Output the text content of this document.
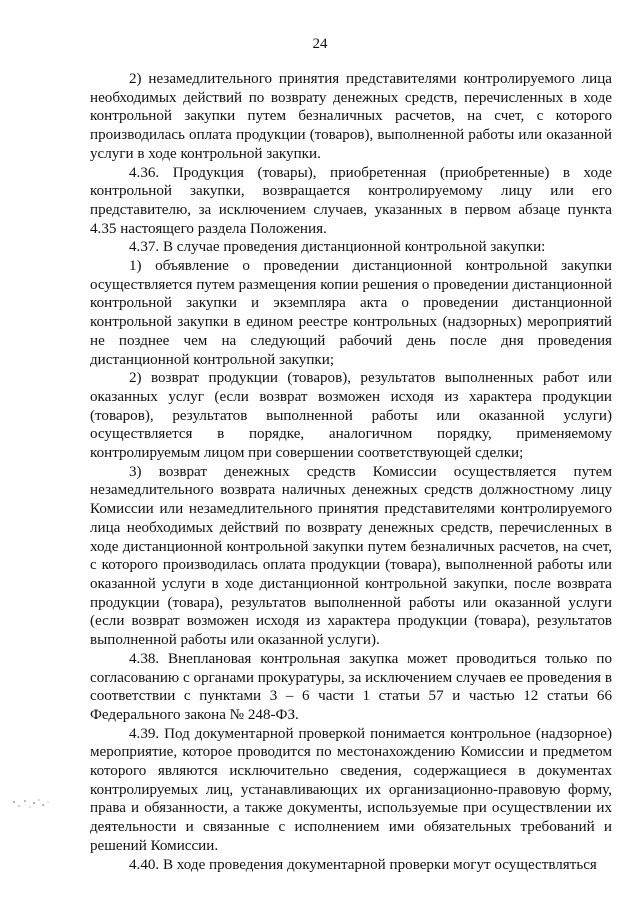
24

2) незамедлительного принятия представителями контролируемого лица необходимых действий по возврату денежных средств, перечисленных в ходе контрольной закупки путем безналичных расчетов, на счет, с которого производилась оплата продукции (товаров), выполненной работы или оказанной услуги в ходе контрольной закупки.

4.36. Продукция (товары), приобретенная (приобретенные) в ходе контрольной закупки, возвращается контролируемому лицу или его представителю, за исключением случаев, указанных в первом абзаце пункта 4.35 настоящего раздела Положения.

4.37. В случае проведения дистанционной контрольной закупки:

1) объявление о проведении дистанционной контрольной закупки осуществляется путем размещения копии решения о проведении дистанционной контрольной закупки и экземпляра акта о проведении дистанционной контрольной закупки в едином реестре контрольных (надзорных) мероприятий не позднее чем на следующий рабочий день после дня проведения дистанционной контрольной закупки;

2) возврат продукции (товаров), результатов выполненных работ или оказанных услуг (если возврат возможен исходя из характера продукции (товаров), результатов выполненной работы или оказанной услуги) осуществляется в порядке, аналогичном порядку, применяемому контролируемым лицом при совершении соответствующей сделки;

3) возврат денежных средств Комиссии осуществляется путем незамедлительного возврата наличных денежных средств должностному лицу Комиссии или незамедлительного принятия представителями контролируемого лица необходимых действий по возврату денежных средств, перечисленных в ходе дистанционной контрольной закупки путем безналичных расчетов, на счет, с которого производилась оплата продукции (товара), выполненной работы или оказанной услуги в ходе дистанционной контрольной закупки, после возврата продукции (товара), результатов выполненной работы или оказанной услуги (если возврат возможен исходя из характера продукции (товара), результатов выполненной работы или оказанной услуги).

4.38. Внеплановая контрольная закупка может проводиться только по согласованию с органами прокуратуры, за исключением случаев ее проведения в соответствии с пунктами 3 – 6 части 1 статьи 57 и частью 12 статьи 66 Федерального закона № 248-ФЗ.

4.39. Под документарной проверкой понимается контрольное (надзорное) мероприятие, которое проводится по местонахождению Комиссии и предметом которого являются исключительно сведения, содержащиеся в документах контролируемых лиц, устанавливающих их организационно-правовую форму, права и обязанности, а также документы, используемые при осуществлении их деятельности и связанные с исполнением ими обязательных требований и решений Комиссии.

4.40. В ходе проведения документарной проверки могут осуществляться
